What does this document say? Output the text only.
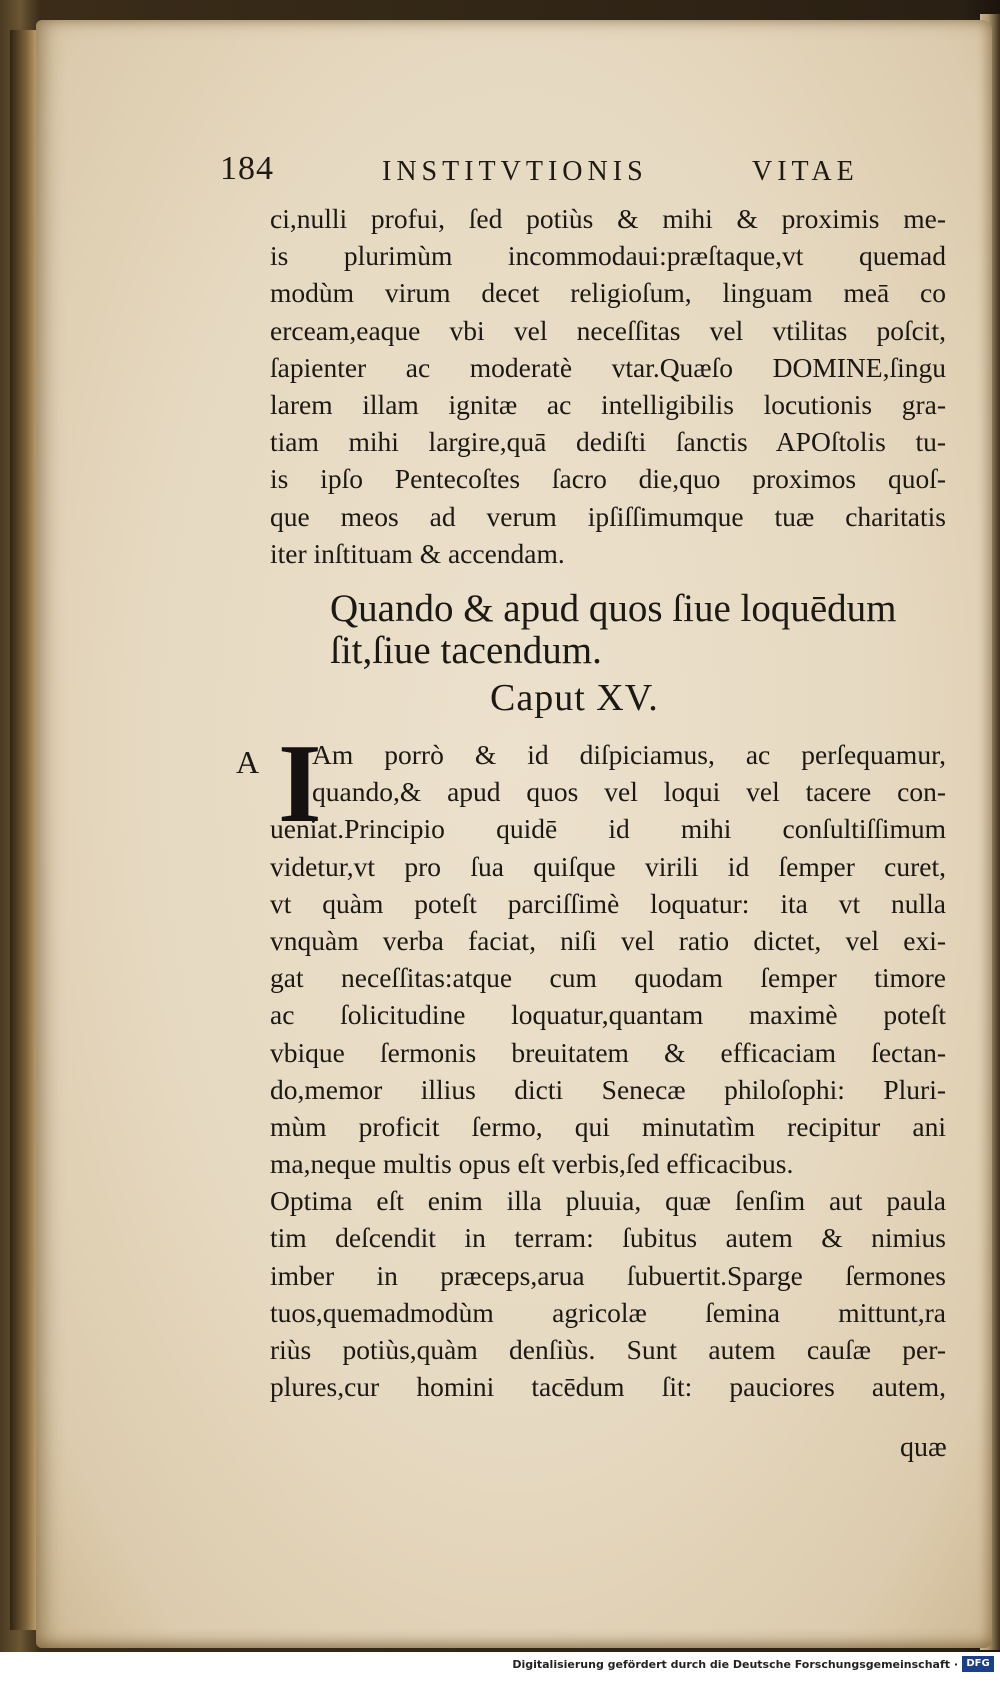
184	INSTITVTIONIS	VITAE
ci,nulli profui, ſed potiùs & mihi & proximis me-
is plurimùm incommodaui:præſtaque,vt quemad
modùm virum decet religioſum, linguam meā co
erceam,eaque vbi vel neceſſitas vel vtilitas poſcit,
ſapienter ac moderatè vtar.Quæſo DOMINE,ſingu
larem illam ignitæ ac intelligibilis locutionis gra-
tiam mihi largire,quā dediſti ſanctis APOſtolis tu-
is ipſo Pentecoſtes ſacro die,quo proximos quoſ-
que meos ad verum ipſiſſimumque tuæ charitatis
iter inſtituam & accendam.
Quando & apud quos ſiue loquēdum
ſit,ſiue tacendum.
Caput XV.
A I
Am porrò & id diſpiciamus, ac perſequamur,
quando,& apud quos vel loqui vel tacere con-
ueniat.Principio quidē id mihi conſultiſſimum
videtur,vt pro ſua quiſque virili id ſemper curet,
vt quàm poteſt parciſſimè loquatur: ita vt nulla
vnquàm verba faciat, niſi vel ratio dictet, vel exi-
gat neceſſitas:atque cum quodam ſemper timore
ac ſolicitudine loquatur,quantam maximè poteſt
vbique ſermonis breuitatem & efficaciam ſectan-
do,memor illius dicti Senecæ philoſophi: Pluri-
mùm proficit ſermo, qui minutatìm recipitur ani
ma,neque multis opus eſt verbis,ſed efficacibus.
Optima eſt enim illa pluuia, quæ ſenſim aut paula
tim deſcendit in terram: ſubitus autem & nimius
imber in præceps,arua ſubuertit.Sparge ſermones
tuos,quemadmodùm agricolæ ſemina mittunt,ra
riùs potiùs,quàm denſiùs. Sunt autem cauſæ per-
plures,cur homini tacēdum ſit: pauciores autem,
quæ
Digitalisierung gefördert durch die Deutsche Forschungsgemeinschaft · DFG
